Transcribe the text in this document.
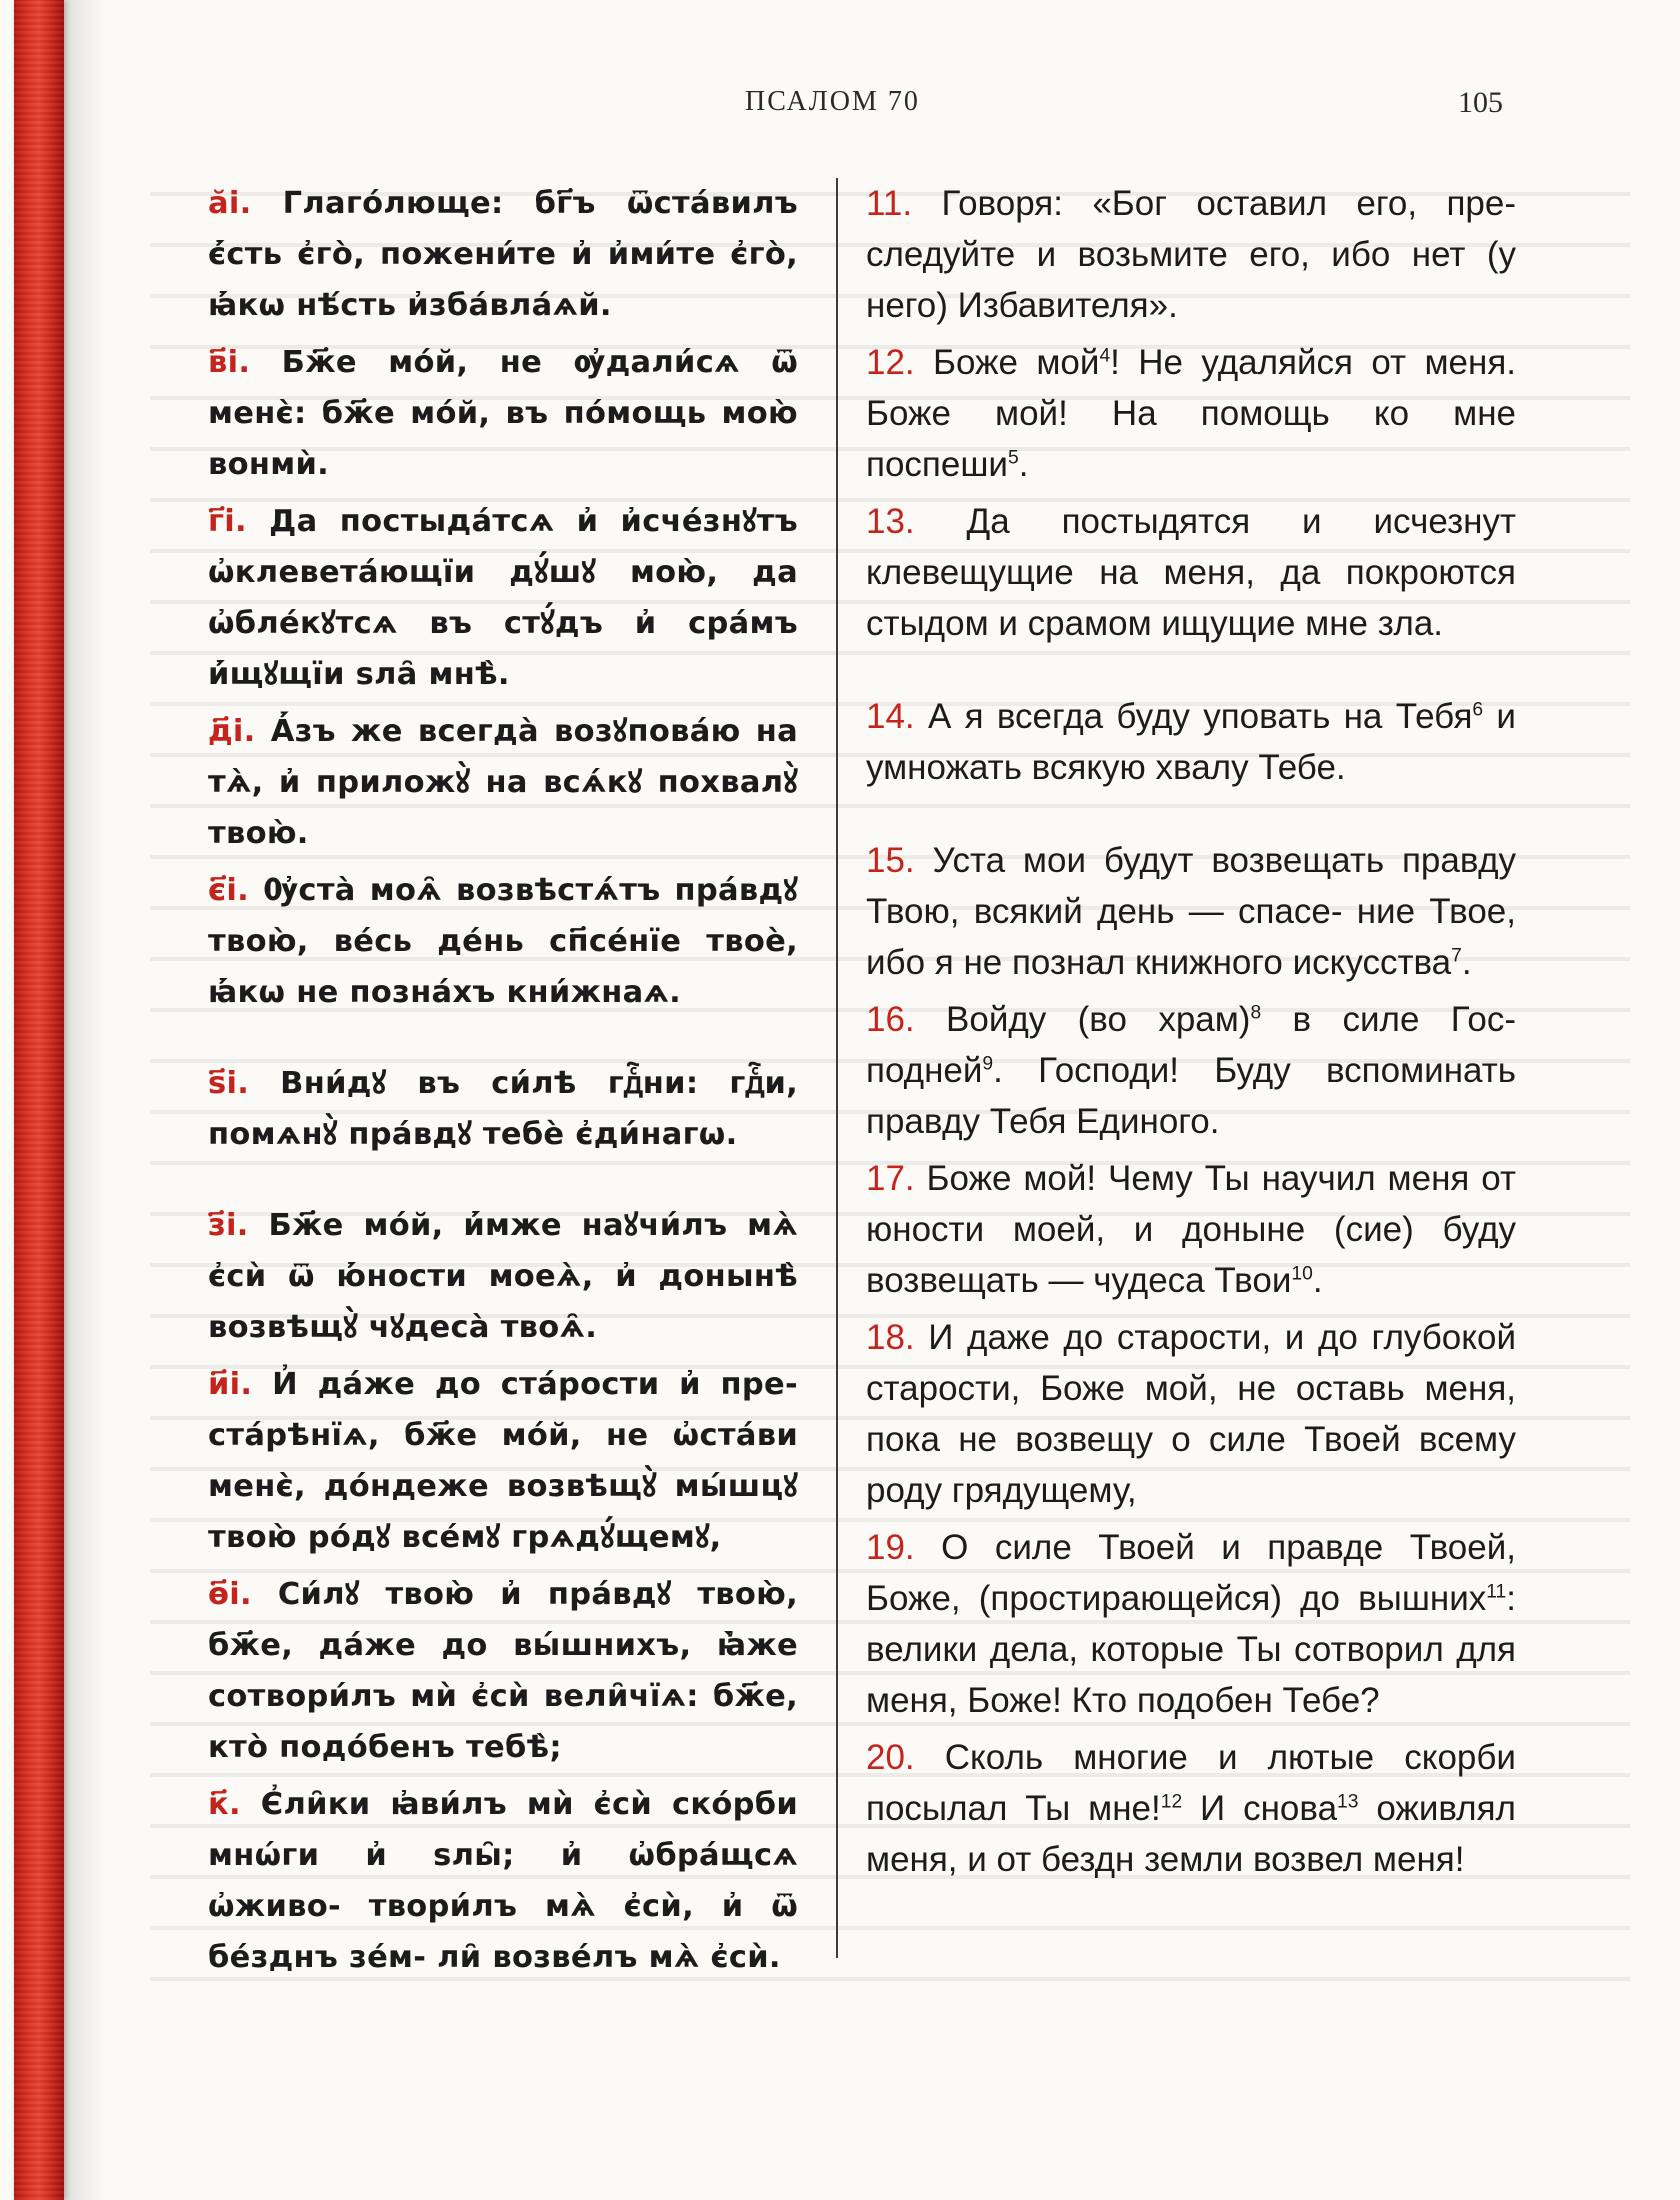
ПСАЛОМ 70	105

ӑі. Глаго́люще: бг҃ъ ѿста́вилъ є҆́сть є҆го̀, пожени́те и҆ и҆ми́те є҆го̀, ꙗ҆́кѡ нѣ́сть и҆зба́вла́ѧй.

в҃і. Бж҃е мо́й, не ѹ҆дали́сѧ ѿ менє̀: бж҃е мо́й, въ по́мощь мою̀ вонмѝ.

г҃і. Да постыда́тсѧ и҆ и҆сче́знꙋтъ ѡ҆клевета́ющїи дꙋ́шꙋ мою̀, да ѡ҆бле́кꙋтсѧ въ стꙋ́дъ и҆ сра́мъ и҆́щꙋщїи ѕла̑ мнѣ̀.

д҃і. А҆́зъ же всегда̀ возꙋпова́ю на тѧ̀, и҆ приложꙋ̀ на всѧ́кꙋ похвалꙋ̀ твою̀.

є҃і. Ѹ҆ста̀ моѧ̑ возвѣстѧ́тъ пра́вдꙋ твою̀, ве́сь де́нь сп҃се́нїе твоѐ, ꙗ҆́кѡ не позна́хъ кни́жнаѧ.

ѕ҃і. Вни́дꙋ въ си́лѣ гдⷭ҇ни: гдⷭ҇и, помѧнꙋ̀ пра́вдꙋ тебѐ є҆ди́нагѡ.

з҃і. Бж҃е мо́й, и҆́мже наꙋчи́лъ мѧ̀ є҆сѝ ѿ ю҆́ности моеѧ̀, и҆ донынѣ̀ возвѣщꙋ̀ чꙋдеса̀ твоѧ̑.

и҃і. И҆ да́же до ста́рости и҆ пре- ста́рѣнїѧ, бж҃е мо́й, не ѡ҆ста́ви менє̀, до́ндеже возвѣщꙋ̀ мы́шцꙋ твою̀ ро́дꙋ все́мꙋ грѧдꙋ́щемꙋ,

ѳ҃і. Си́лꙋ твою̀ и҆ пра́вдꙋ твою̀, бж҃е, да́же до вы́шнихъ, ꙗ҆̀же сотвори́лъ мѝ є҆сѝ вели̑чїѧ: бж҃е, кто̀ подо́бенъ тебѣ̀;

к҃. Є҆ли̑ки ꙗ҆ви́лъ мѝ є҆сѝ ско́рби мнѡ́ги и҆ ѕлы̑; и҆ ѡ҆бра́щсѧ ѡ҆живо- твори́лъ мѧ̀ є҆сѝ, и҆ ѿ бе́зднъ зе́м- ли̑ возве́лъ мѧ̀ є҆сѝ.

11. Говоря: «Бог оставил его, пре- следуйте и возьмите его, ибо нет (у него) Избавителя».

12. Боже мой$^4$! Не удаляйся от меня. Боже мой! На помощь ко мне поспеши$^5$.

13. Да постыдятся и исчезнут клевещущие на меня, да покроются стыдом и срамом ищущие мне зла.

14. А я всегда буду уповать на Тебя$^6$ и умножать всякую хвалу Тебе.

15. Уста мои будут возвещать правду Твою, всякий день — спасе- ние Твое, ибо я не познал книжного искусства$^7$.

16. Войду (во храм)$^8$ в силе Гос- подней$^9$. Господи! Буду вспоминать правду Тебя Единого.

17. Боже мой! Чему Ты научил меня от юности моей, и доныне (сие) буду возвещать — чудеса Твои$^{10}$.

18. И даже до старости, и до глубокой старости, Боже мой, не оставь меня, пока не возвещу о силе Твоей всему роду грядущему,

19. О силе Твоей и правде Твоей, Боже, (простирающейся) до вышних$^{11}$: велики дела, которые Ты сотворил для меня, Боже! Кто подобен Тебе?

20. Сколь многие и лютые скорби посылал Ты мне!$^{12}$ И снова$^{13}$ оживлял меня, и от бездн земли возвел меня!
